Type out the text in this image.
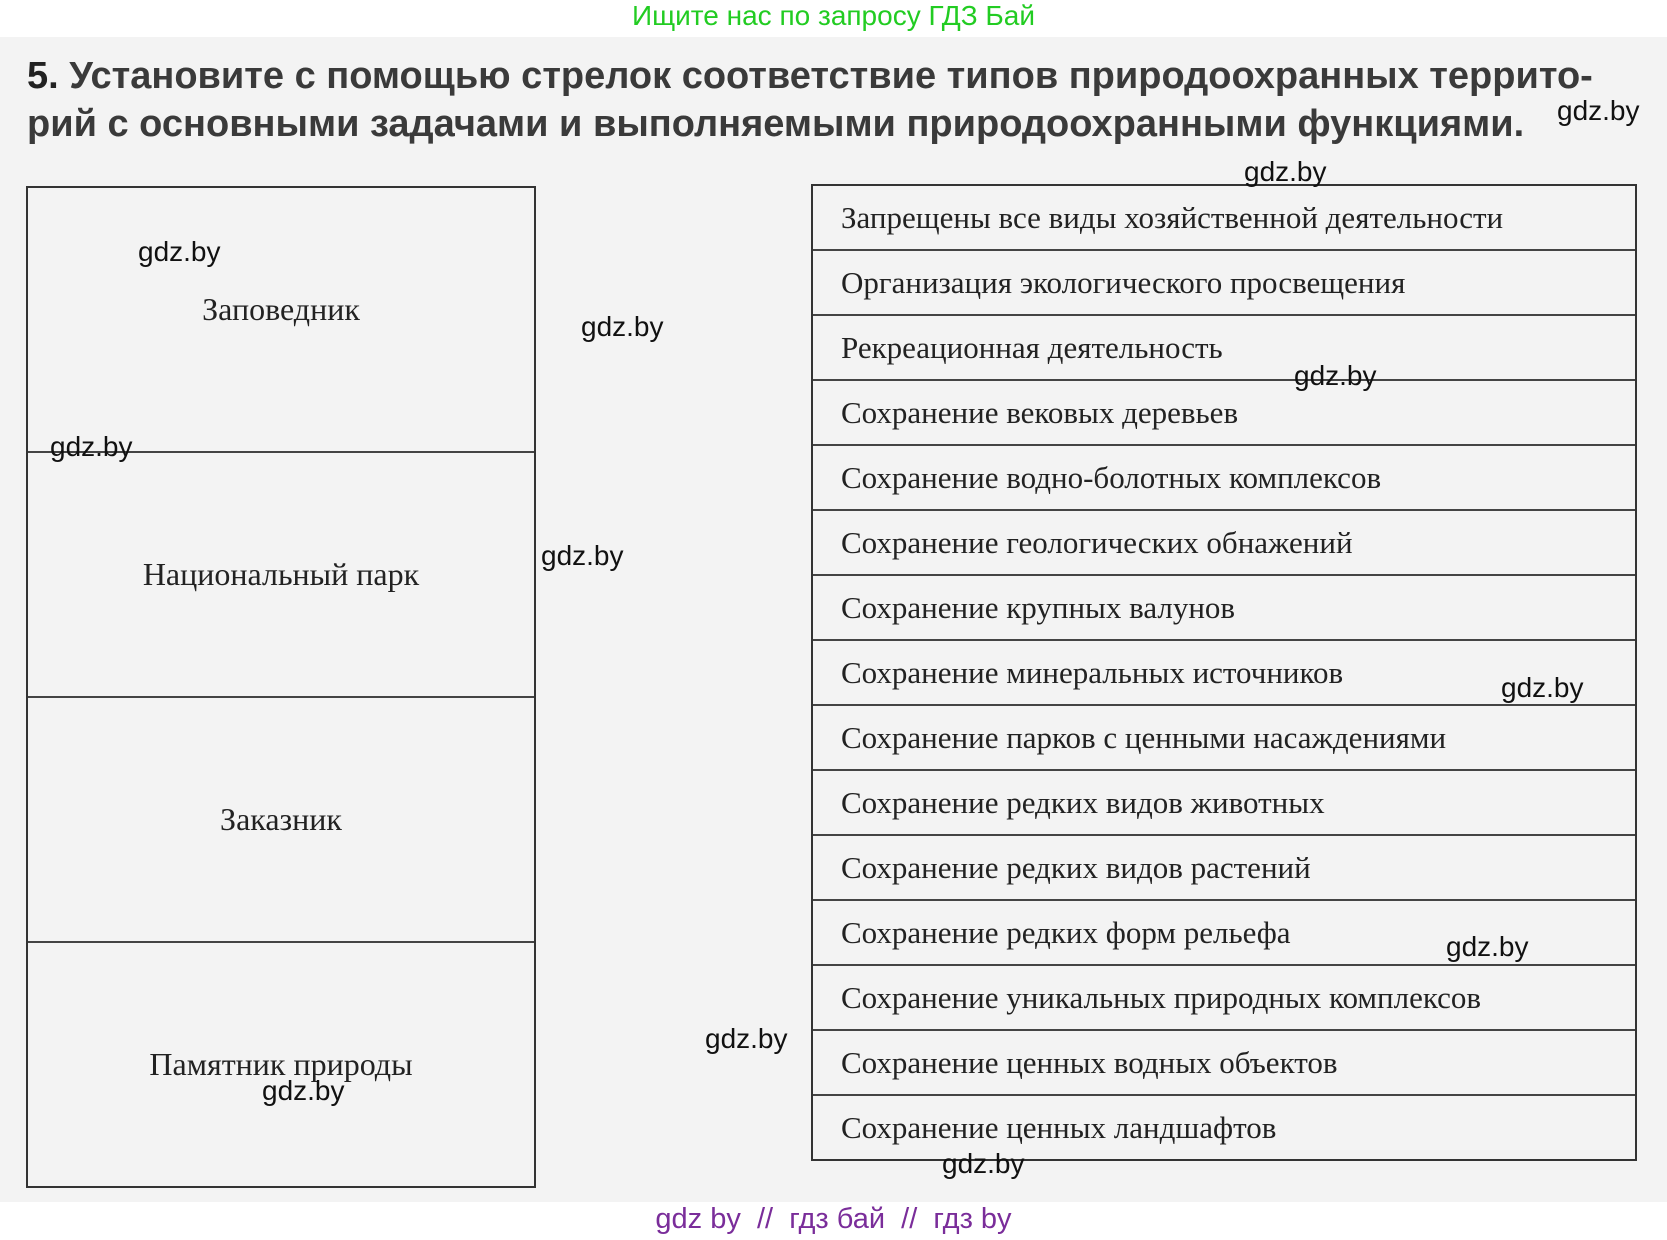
Ищите нас по запросу ГДЗ Бай
5. Установите с помощью стрелок соответствие типов природоохранных террито-рий с основными задачами и выполняемыми природоохранными функциями.
Заповедник
Национальный парк
Заказник
Памятник природы
Запрещены все виды хозяйственной деятельности
Организация экологического просвещения
Рекреационная деятельность
Сохранение вековых деревьев
Сохранение водно-болотных комплексов
Сохранение геологических обнажений
Сохранение крупных валунов
Сохранение минеральных источников
Сохранение парков с ценными насаждениями
Сохранение редких видов животных
Сохранение редких видов растений
Сохранение редких форм рельефа
Сохранение уникальных природных комплексов
Сохранение ценных водных объектов
Сохранение ценных ландшафтов
gdz.by
gdz.by
gdz.by
gdz.by
gdz.by
gdz.by
gdz.by
gdz.by
gdz.by
gdz.by
gdz.by
gdz.by
gdz by  //  гдз бай  //  гдз by
